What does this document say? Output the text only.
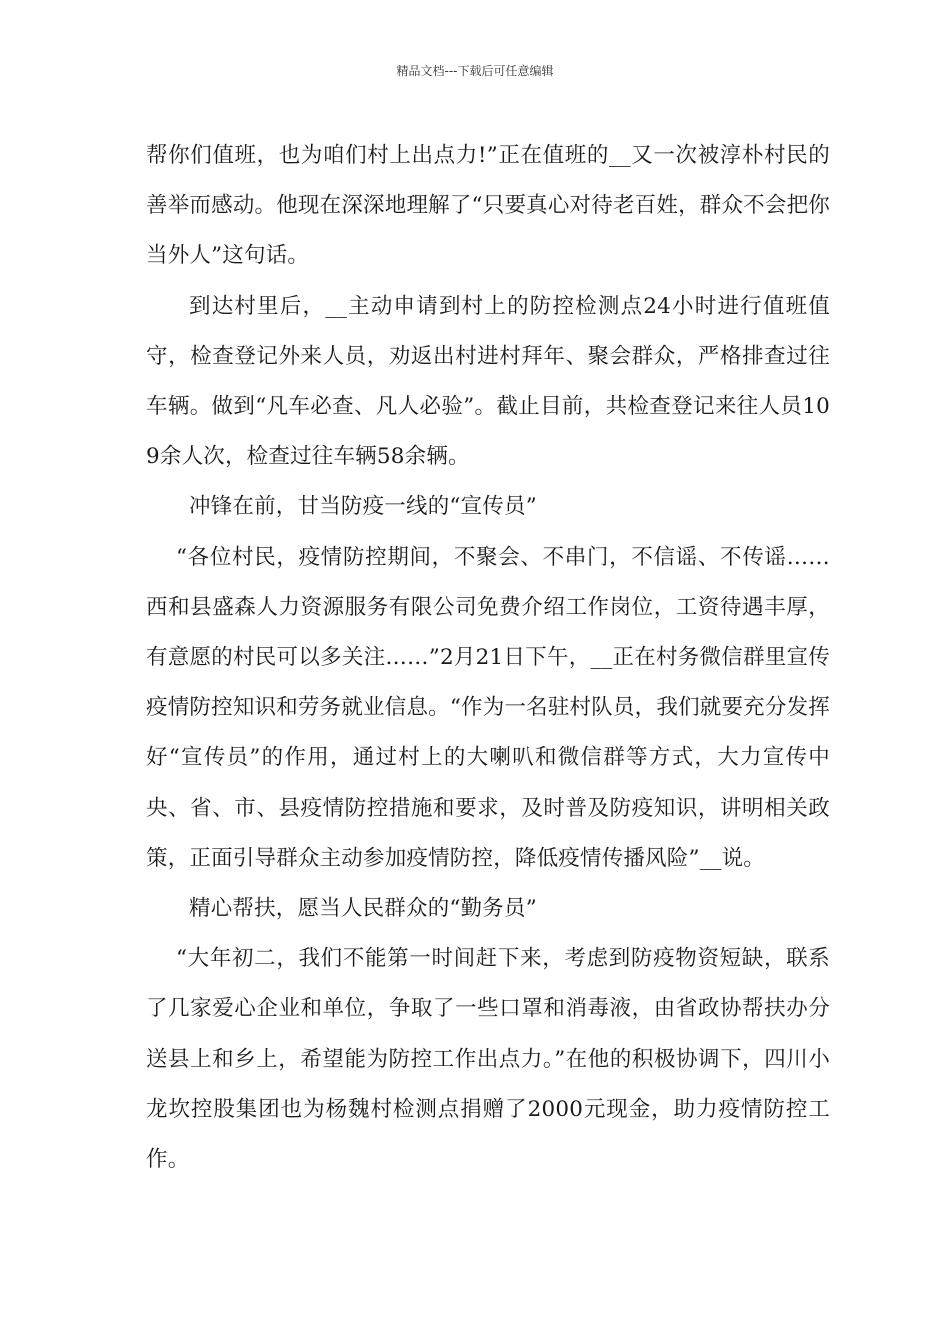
精品文档---下载后可任意编辑

帮你们值班，也为咱们村上出点力!”正在值班的__又一次被淳朴村民的善举而感动。他现在深深地理解了“只要真心对待老百姓，群众不会把你当外人”这句话。

到达村里后，__主动申请到村上的防控检测点24小时进行值班值守，检查登记外来人员，劝返出村进村拜年、聚会群众，严格排查过往车辆。做到“凡车必查、凡人必验”。截止目前，共检查登记来往人员109余人次，检查过往车辆58余辆。

冲锋在前，甘当防疫一线的“宣传员”

“各位村民，疫情防控期间，不聚会、不串门，不信谣、不传谣……西和县盛森人力资源服务有限公司免费介绍工作岗位，工资待遇丰厚，有意愿的村民可以多关注……”2月21日下午，__正在村务微信群里宣传疫情防控知识和劳务就业信息。“作为一名驻村队员，我们就要充分发挥好“宣传员”的作用，通过村上的大喇叭和微信群等方式，大力宣传中央、省、市、县疫情防控措施和要求，及时普及防疫知识，讲明相关政策，正面引导群众主动参加疫情防控，降低疫情传播风险”__说。

精心帮扶，愿当人民群众的“勤务员”

“大年初二，我们不能第一时间赶下来，考虑到防疫物资短缺，联系了几家爱心企业和单位，争取了一些口罩和消毒液，由省政协帮扶办分送县上和乡上，希望能为防控工作出点力。”在他的积极协调下，四川小龙坎控股集团也为杨魏村检测点捐赠了2000元现金，助力疫情防控工作。
